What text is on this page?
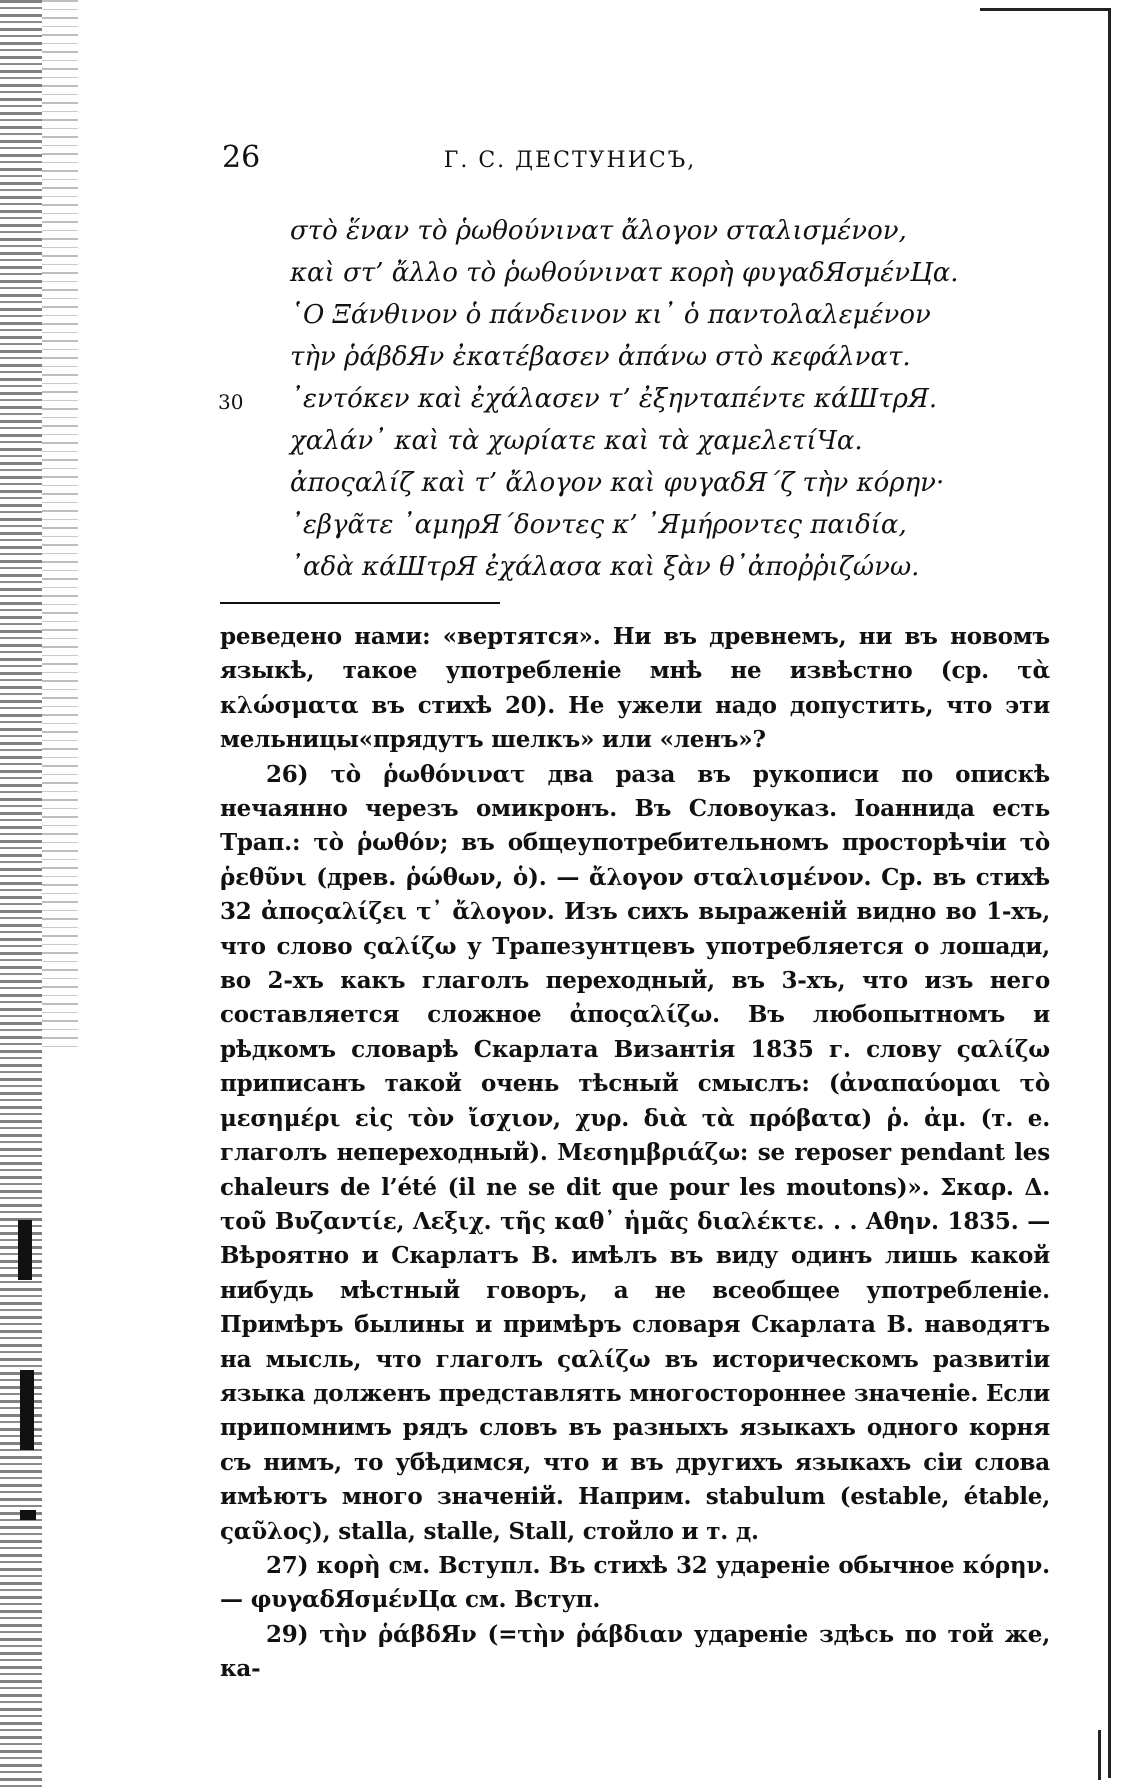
26	Г. С. ДЕСТУНИСЪ,
30
στὸ ἕναν τὸ ῥωθούνινατ ἄλογον σταλισμένον,
καὶ στ’ ἄλλο τὸ ῥωθούνινατ κορὴ φυγαδЯσμένЦα.
῾Ο Ξάνθινον ὁ πάνδεινον κι᾽ ὁ παντολαλεμένον
τὴν ῥάβδЯν ἐκατέβασεν ἀπάνω στὸ κεφάλνατ.
᾽εντόκεν καὶ ἐχάλασεν τ’ ἐξηνταπέντε κάШτρЯ.
χαλάν᾽ καὶ τὰ χωρίατε καὶ τὰ χαμελετίЧα.
ἀποςαλίζ καὶ τ’ ἄλογον καὶ φυγαδЯ΄ζ τὴν κόρην·
᾽εβγᾶτε ᾽αμηρЯ΄δοντες κ’ ᾽Яμήροντες παιδία,
᾽αδὰ κάШτρЯ ἐχάλασα καὶ ξὰν θ᾽ἀποῤῥιζώνω.

реведено нами: «вертятся». Ни въ древнемъ, ни въ новомъ языкѣ, такое употребленіе мнѣ не извѣстно (ср. τὰ κλώσματα въ стихѣ 20). Не ужели надо допустить, что эти мельницы«прядутъ шелкъ» или «ленъ»?

26) τὸ ῥωθόνινατ два раза въ рукописи по опискѣ нечаянно черезъ омикронъ. Въ Словоуказ. Іоаннида есть Трап.: τὸ ῥωθόν; въ общеупотребительномъ просторѣчіи τὸ ῥεθῦνι (древ. ῥώθων, ὁ). — ἄλογον σταλισμένον. Ср. въ стихѣ 32 ἀποςαλίζει τ᾽ ἄλογον. Изъ сихъ выраженій видно во 1-хъ, что слово ςαλίζω у Трапезунтцевъ употребляется о лошади, во 2-хъ какъ глаголъ переходный, въ 3-хъ, что изъ него составляется сложное ἀποςαλίζω. Въ любопытномъ и рѣдкомъ словарѣ Скарлата Византія 1835 г. слову ςαλίζω приписанъ такой очень тѣсный смыслъ: (ἀναπαύομαι τὸ μεσημέρι εἰς τὸν ἴσχιον, χυρ. διὰ τὰ πρόβατα) ῥ. ἀμ. (т. е. глаголъ непереходный). Μεσημβριάζω: se reposer pendant les chaleurs de l’été (il ne se dit que pour les moutons)». Σκαρ. Δ. τοῦ Βυζαντίε, Λεξιχ. τῆς καθ᾽ ἡμᾶς διαλέκτε. . . Αθην. 1835. — Вѣроятно и Скарлатъ В. имѣлъ въ виду одинъ лишь какой нибудь мѣстный говоръ, а не всеобщее употребленіе. Примѣръ былины и примѣръ словаря Скарлата В. наводятъ на мысль, что глаголъ ςαλίζω въ историческомъ развитіи языка долженъ представлять многостороннее значеніе. Если припомнимъ рядъ словъ въ разныхъ языкахъ одного корня съ нимъ, то убѣдимся, что и въ другихъ языкахъ сіи слова имѣютъ много значеній. Наприм. stabulum (estable, étable, ςαῦλος), stalla, stalle, Stall, стойло и т. д.

27) κορὴ см. Вступл. Въ стихѣ 32 удареніе обычное κόρην. — φυγαδЯσμένЦα см. Вступ.

29) τὴν ῥάβδЯν (=τὴν ῥάβδιαν удареніе здѣсь по той же, ка-
